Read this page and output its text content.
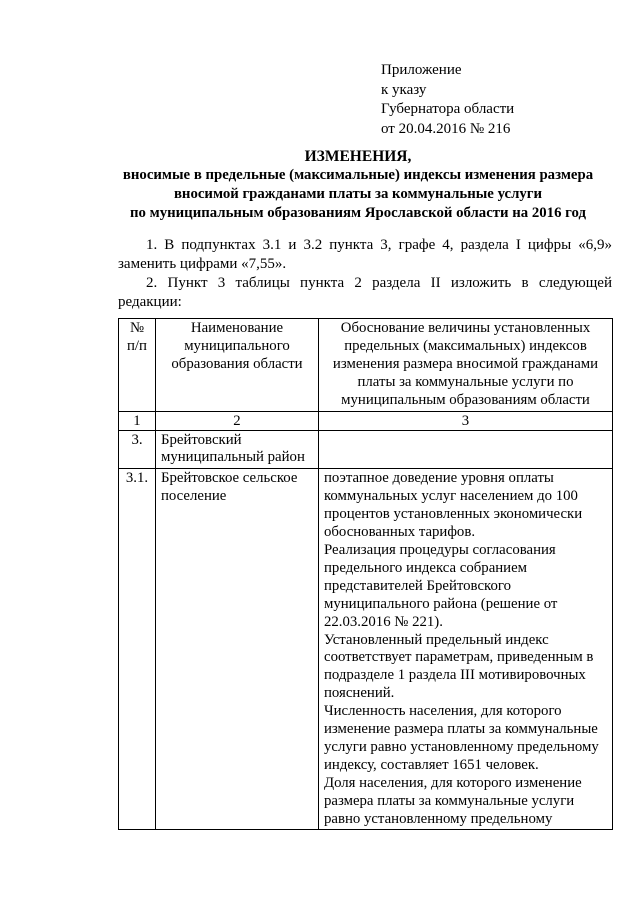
Приложение
к указу
Губернатора области
от 20.04.2016 № 216
ИЗМЕНЕНИЯ,
вносимые в предельные (максимальные) индексы изменения размера
вносимой гражданами платы за коммунальные услуги
по муниципальным образованиям Ярославской области на 2016 год

1. В подпунктах 3.1 и 3.2 пункта 3, графе 4, раздела I цифры «6,9» заменить цифрами «7,55».

2. Пункт 3 таблицы пункта 2 раздела II изложить в следующей редакции:

№ п/п	Наименование муниципального образования области	Обоснование величины установленных предельных (максимальных) индексов изменения размера вносимой гражданами платы за коммунальные услуги по муниципальным образованиям области
1	2	3
3.	Брейтовский муниципальный район	
3.1.	Брейтовское сельское поселение	поэтапное доведение уровня оплаты коммунальных услуг населением до 100 процентов установленных экономически обоснованных тарифов.
Реализация процедуры согласования предельного индекса собранием представителей Брейтовского муниципального района (решение от 22.03.2016 № 221).
Установленный предельный индекс соответствует параметрам, приведенным в подразделе 1 раздела III мотивировочных пояснений.
Численность населения, для которого изменение размера платы за коммунальные услуги равно установленному предельному индексу, составляет 1651 человек.
Доля населения, для которого изменение размера платы за коммунальные услуги равно установленному предельному
